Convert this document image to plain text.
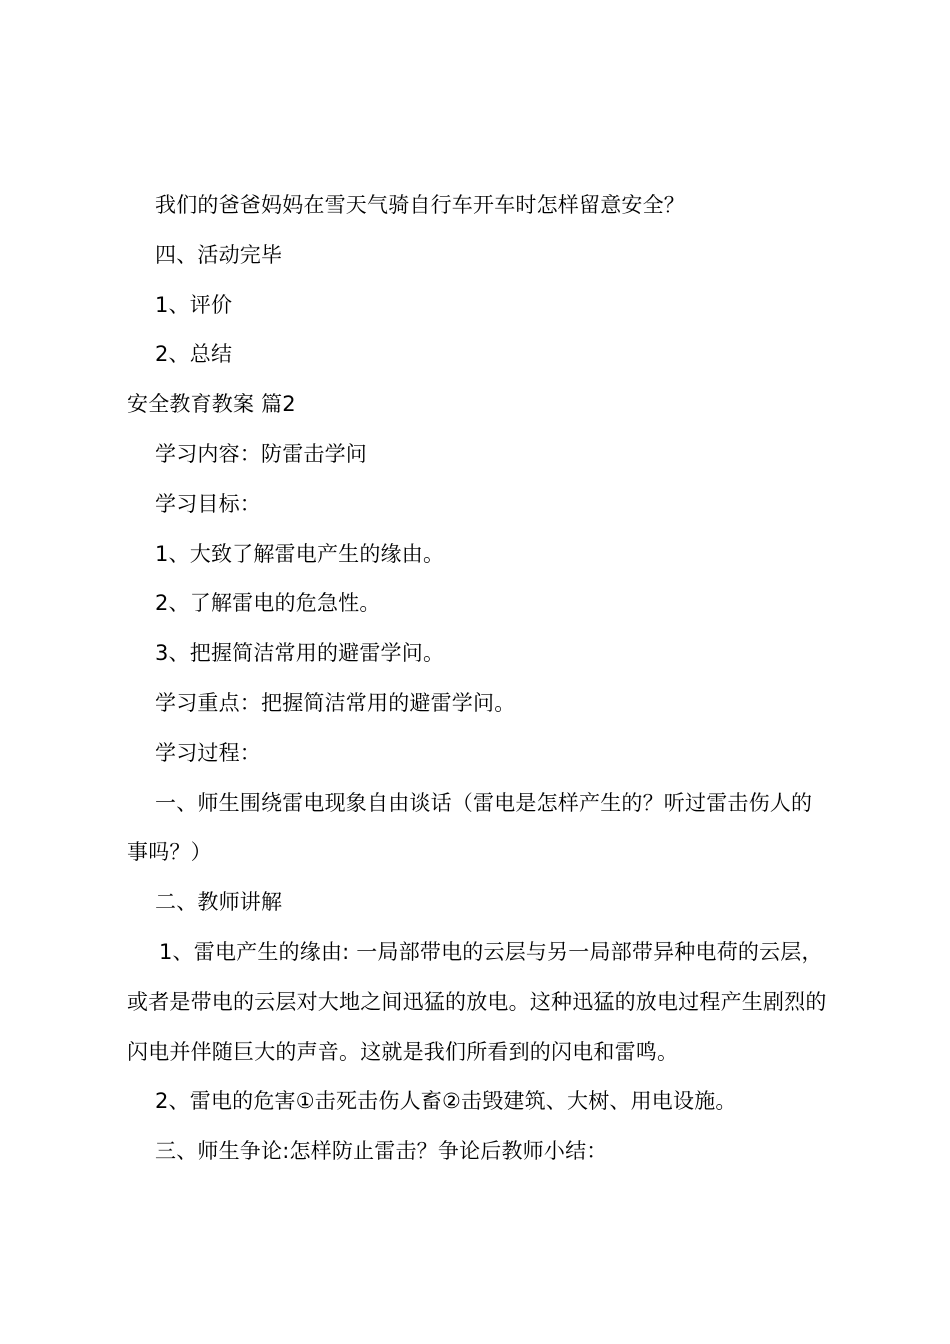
我们的爸爸妈妈在雪天气骑自行车开车时怎样留意安全？

四、活动完毕

1、评价

2、总结

安全教育教案 篇2

学习内容：防雷击学问

学习目标：

1、大致了解雷电产生的缘由。

2、了解雷电的危急性。

3、把握简洁常用的避雷学问。

学习重点：把握简洁常用的避雷学问。

学习过程：

一、师生围绕雷电现象自由谈话（雷电是怎样产生的？听过雷击伤人的事吗？）

二、教师讲解

1、雷电产生的缘由: 一局部带电的云层与另一局部带异种电荷的云层，或者是带电的云层对大地之间迅猛的放电。这种迅猛的放电过程产生剧烈的闪电并伴随巨大的声音。这就是我们所看到的闪电和雷鸣。

2、雷电的危害①击死击伤人畜②击毁建筑、大树、用电设施。

三、师生争论:怎样防止雷击？争论后教师小结：
